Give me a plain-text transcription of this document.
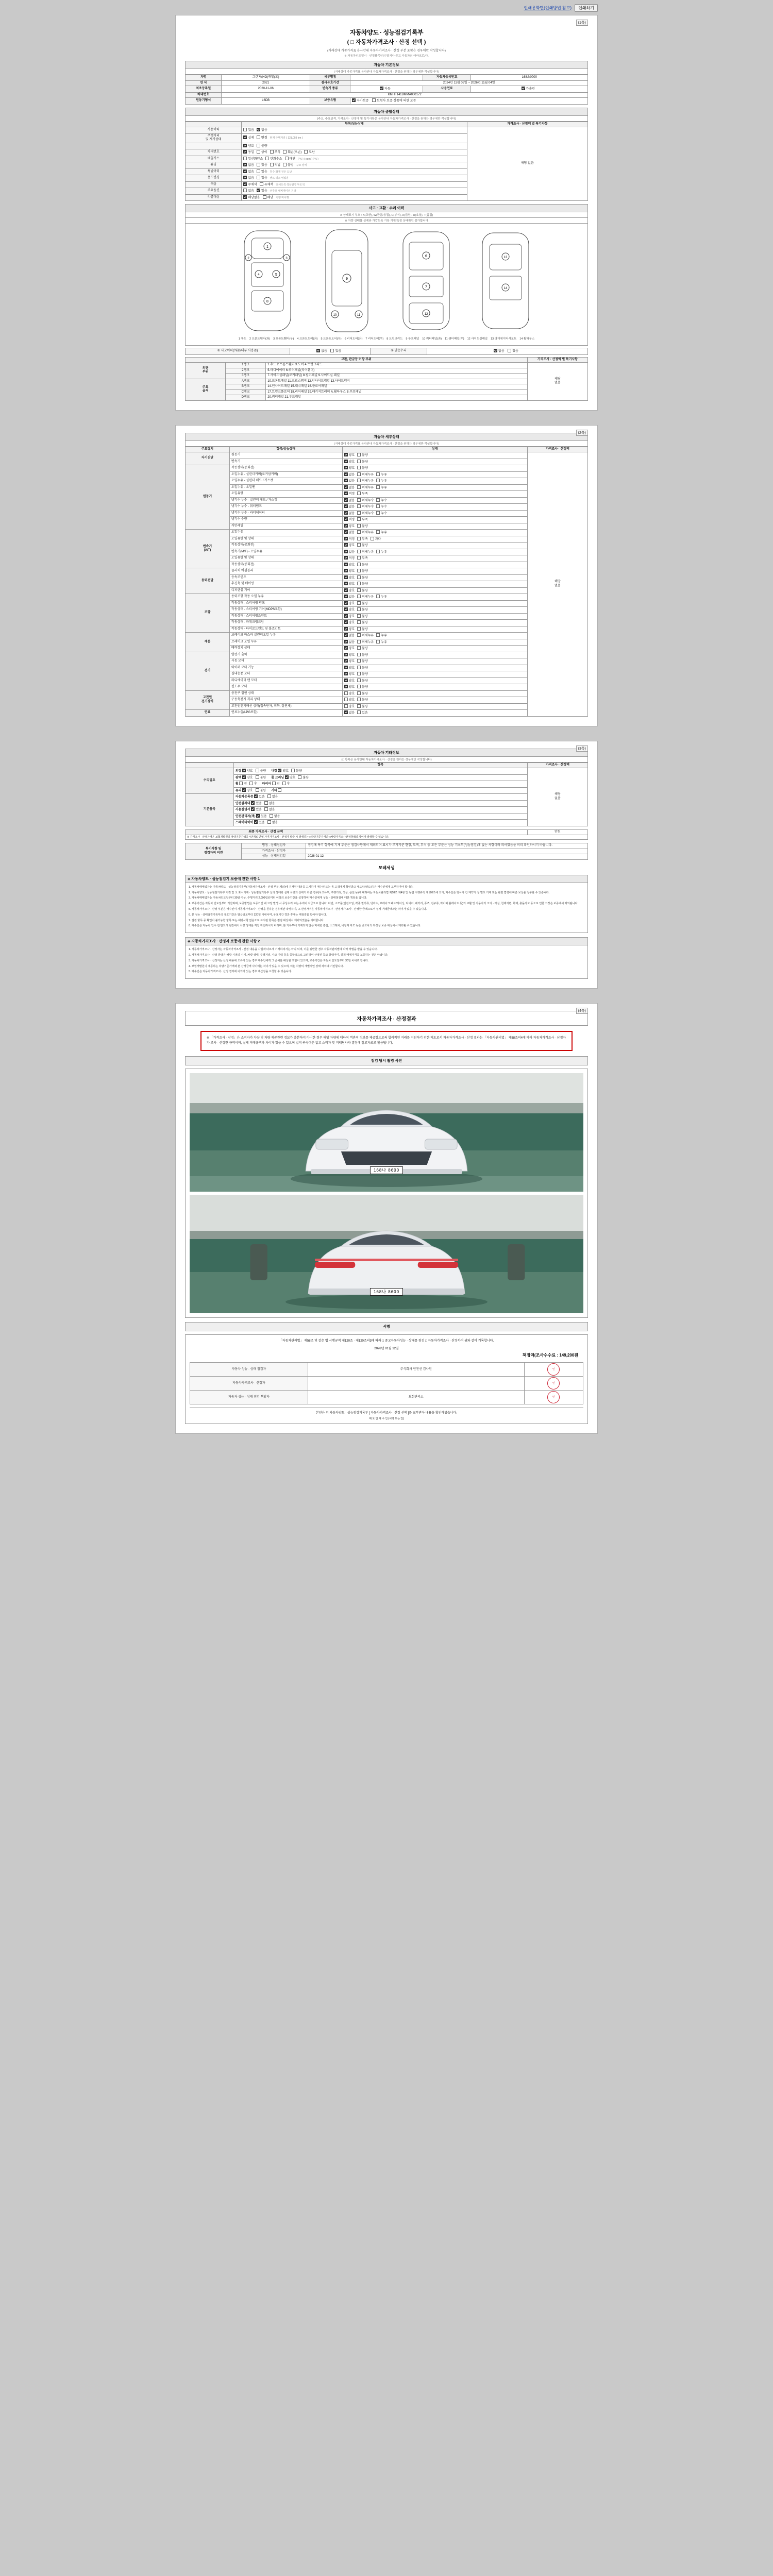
인쇄용화면(인쇄방법 참고)	인쇄하기
(1쪽)
자동차양도 · 성능점검기록부
( □ 자동차가격조사 · 산정 선택 )
(거래상대 가종가격표 용사안내 자동차가격조사 · 산정 부분 포함은 경우에만 작성합니다)
※ 자동차인도일시 · 인정품목인의 별지나 중고 자동차의 아파크로/다.
자동차 기본정보
(거래상대 가종가격표 용사안내 자동차가격조사 · 산정을 원하는 경우에만 작성합니다)
차명	그랜저(HG)캐딜(모)	세부명칭		자동차등록번호	168초0000
연 식	2021	검사유효기간	2024년 11월 05일 ~ 2026년 11월 04일		
최초등록일	2020-11-06	변속기 종류	자동	사용연료	가솔린
차대번호	KMHF141BMMA000172				
원동기형식	L6DB	보증유형	자가보증 보험사 보증 상품에 의한 보증		
자동차 종합상태
(주요, 주요골격, 가격조사 · 산정에 및 특기사항은 용사안내 자동차가격조사 · 산정을 원하는 경우에만 작성합니다)
	항목/성능상태	가격조사 · 산정액 별 특기사항
사용이력	있음 없음	해당 없음
주행거리
및 계기상태	실제 변경 현재 주행거리 ( 121,059 km )	
	양호 불량	
차대번호	동일 상이 부식 훼손(오손) 도난	
배출가스	일산화탄소 탄화수소 매연 ( % ) ( ppm ) ( % )	
튜닝	없음 있음 적법 불법 구조 장치	
특별이력	없음 있음 침수 화재 전손 도난	
용도변경	없음 있음 렌트 리스 영업용	
색상	무채색 유채색 전체도색 색상변경 무도색	
주요옵션	없음 있음 선루프 내비게이션 기타	
리콜대상	해당없음 해당 이행 미이행	
사고 · 교환 · 수리 이력
※ 상태표시 부호 : X(교환), W(판금/용접), C(부식), A(긁힘), U(요철), T(흠집)
※ 차량 상태를 실제와 가깝도록 기록 기재/특정 상태확인 불가합니다
1
4	5
8
2	3
9
10	11
6
7
12
13
14
1 후드 2 프론트휀더(좌) 3 프론트휀더(우) 4 프론트도어(좌) 5 프론트도어(우) 6 리어도어(좌) 7 리어도어(우) 8 트렁크리드 9 루프패널 10 쿼터패널(좌) 11 쿼터패널(우) 12 사이드실패널 13 라디에이터서포트 14 휠하우스
① 사고이력(外部/내부 사용존)	없음	있음	② 단순수리	없음	있음
교환, 판금등 이상 부위			가격조사 · 산정액 별 특기사항
외판
부위	1랭크	1.후드 2.프론트휀더 3.도어 4.트렁크리드	해당
없음
	2랭크	5.라디에이터 6.쿼터패널(리어휀더)	
	3랭크	7.사이드실패널(로커패널) 8.필러패널 9.사이드실 패널	
주요
골격	A랭크	10.프론트패널 11.크로스멤버 12.인사이드패널 13.사이드멤버	
	B랭크	14.인사이드패널 15.대쉬패널 16.플로어패널	
	C랭크	17.트렁크플로어 18.리어패널 19.패키지트레이 A.휠하우스 B.루프패널	
	D랭크	20.쿼터패널 21.루프패널	
(2쪽)
자동차 세부상태
(거래상대 가종가격표 용사안내 자동차가격조사 · 산정을 원하는 경우에만 작성합니다)
주요장치	항목/성능상태	상태	가격조사 · 산정액
자기진단	원동기	양호 불량	해당
없음
	변속기	양호 불량	
원동기	작동상태(공회전)	양호 불량	
	오일누유 - 실린더커버(로커암커버)	없음 미세누유 누유	
	오일누유 - 실린더 헤드 / 가스켓	없음 미세누유 누유	
	오일누유 - 오일팬	없음 미세누유 누유	
	오일유량	적정 부족	
	냉각수 누수 - 실린더 헤드 / 가스켓	없음 미세누수 누수	
	냉각수 누수 - 워터펌프	없음 미세누수 누수	
	냉각수 누수 - 라디에이터	없음 미세누수 누수	
	냉각수 수량	적정 부족	
	커먼레일	양호 불량	
변속기
(A/T)	오일누유	없음 미세누유 누유	
	오일유량 및 상태	적정 부족 과다	
	작동상태(공회전)	양호 불량	
	변속기(M/T) - 오일누유	없음 미세누유 누유	
	오일유량 및 상태	적정 부족	
	작동상태(공회전)	양호 불량	
동력전달	클러치 어셈블리	양호 불량	
	등속조인트	양호 불량	
	추진축 및 베어링	양호 불량	
	디퍼렌셜 기어	양호 불량	
조향	동력조향 작동 오일 누유	없음 미세누유 누유	
	작동상태 - 스티어링 펌프	양호 불량	
	작동상태 - 스티어링 기어(MDPS포함)	양호 불량	
	작동상태 - 스티어링조인트	양호 불량	
	작동상태 - 파워크랭크암	양호 불량	
	작동상태 - 타이로드엔드 및 볼조인트	양호 불량	
제동	브레이크 마스터 실린더오일 누유	없음 미세누유 누유	
	브레이크 오일 누유	없음 미세누유 누유	
	배력장치 상태	양호 불량	
전기	발전기 출력	양호 불량	
	시동 모터	양호 불량	
	와이퍼 모터 기능	양호 불량	
	실내송풍 모터	양호 불량	
	라디에이터 팬 모터	양호 불량	
	윈도우 모터	양호 불량	
고전원
전기장치	충전구 절연 상태	양호 불량	
	구동축전지 격리 상태	양호 불량	
	고전원전기배선 상태(접속단자, 피복, 절연체)	양호 불량	
연료	연료누출(LPG포함)	없음 있음	
(3쪽)
자동차 기타정보
(□ 항목은 용사안내 자동차가격조사 · 산정을 원하는 경우에만 작성합니다)
	항목	가격조사 · 산정액
수리필요	외장 양호 불량 내장 양호 불량	해당
없음
	광택 양호 불량 룸 크리닝 양호 불량	
	휠 전 후 타이어 전 후	
	유리 양호 불량 기타	
기본품목	자동차등록증 있음 없음	
	안전삼각대 있음 없음	
	사용설명서 있음 없음	
	안전관리자(잭) 있음 없음	
	스페어타이어 있음 없음	
최종 가격조사 · 산정 금액		만원
※ 가격조사 · 산정가격은 보험개발원의 차량기준가액을 4단계로 반영 가격가격조사 · 산정가 발급 시 발생하는 □차량기준가격과 □차량가격조사산정금액의 차이가 발생할 수 있습니다.
특기사항 및
점검자의 의견	명칭 · 상태점검자	점검에 특기 항목에 기재 부분은 점검사항에서 제외되며 표시가 추가기준 현장, 도색, 부식 등 모든 부분은 성능 기록부(성능점검)에 없는 사항이라 되어있음을 미리 확인하시기 바랍니다.
	가격조사 · 산정자	
	성능 · 상태점검일	2026-01-12
모레세생
◈ 자동차양도 · 성능점검기 보증에 관한 사항 1

1. 자동차매매업자는 자동차양도 · 성능점검기록부(자동차가격조사 · 산정 부분 제외)에 기재된 내용을 고지하여 매수인 또는 동 고객에게 확인받고 매도인(양도인)은 매수인에게 교부하여야 합니다.

2. 자동차양도 · 성능점검기록부 거짓 및 오 표시기재 · 성능점검기록부 상의 상태와 실제 차량의 상태가 다른 경우(사고유무, 주행거리, 색상, 옵션 등)에 대하여는 자동차관리법 제58조 제4항 및 동법 시행규칙 제120조에 의거, 매수인은 당사자 간 계약서 상 별도 기재 또는 관련 법령에 따른 보상을 청구할 수 있습니다.

3. 자동차매매업자는 자동차인도일부터 30일 이상, 주행거리 2,000킬로미터 이상의 보증기간을 설정하여 매수인에게 성능 · 상태점검에 대한 책임을 집니다.

4. 보증기간은 자동차 인도일부터 기산하며, 보증방법은 보증기간 내 고장 발생 시 무상수리 또는 수리비 지급으로 합니다. 다만, 소모품(엔진오일, 각종 필터류, 냉각수, 브레이크 패드/라이닝, 타이어, 배터리, 퓨즈, 전구류, 와이퍼 블레이드 등)의 교환 및 사용자의 고의 · 과실, 천재지변, 화재, 충돌사고 등으로 인한 고장은 보증에서 제외됩니다.

5. 자동차가격조사 · 산정 부분은 매수인이 자동차가격조사 · 산정을 원하는 경우에만 작성하며, 그 산정가격은 자동차가격조사 · 산정자가 조사 · 산정한 금액으로서 실제 거래금액과는 차이가 있을 수 있습니다.

6. 본 성능 · 상태점검기록부의 유효기간은 발급일로부터 120일 이내이며, 유효기간 경과 후에는 재점검을 받아야 합니다.

7. 점검 항목 중 확인이 불가능한 항목 또는 해당사항 없음으로 표시된 항목은 점검 대상에서 제외되었음을 의미합니다.

8. 매수인은 자동차 인수 전 반드시 현장에서 차량 상태를 직접 확인하시기 바라며, 본 기록부에 기재되지 않은 미세한 흠집, 스크래치, 내장재 마모 등은 중고차의 특성상 보증 대상에서 제외될 수 있습니다.

◈ 자동차가격조사 · 산정자 보증에 관한 사항 2

1. 자동차가격조사 · 산정자는 자동차가격조사 · 산정 내용을 사실과 다르게 기재하여서는 아니 되며, 이를 위반한 경우 자동차관리법에 따라 처벌을 받을 수 있습니다.

2. 자동차가격조사 · 산정 금액은 해당 시점의 시세, 차량 상태, 주행거리, 사고 이력 등을 종합적으로 고려하여 산정된 참고 금액이며, 실제 매매가격을 보증하는 것은 아닙니다.

3. 자동차가격조사 · 산정자는 산정 내용에 오류가 있는 경우 매수인에게 그 손해를 배상할 책임이 있으며, 보증기간은 자동차 인도일부터 30일 이내로 합니다.

4. 보험개발원이 제공하는 차량기준가액과 본 산정금액 사이에는 차이가 있을 수 있으며, 이는 차량의 개별적인 상태 차이에 기인합니다.

5. 매수인은 자동차가격조사 · 산정 결과에 이의가 있는 경우 재산정을 요청할 수 있습니다.

(4쪽)
자동차가격조사 · 산정결과
※ 「가격조사 · 산정」은 소비자가 차량 및 차량 제공관련 정보가 충분하지 아니한 경우 해당 차량에 대하여 객관적 정보를 제공함으로써 합리적인 거래를 지원하기 위한 제도로서 자동차가격조사 · 산정 결과는 「자동차관리법」 제58조의4에 따라 자동차가격조사 · 산정자가 조사 · 산정한 금액이며, 실제 거래금액과 차이가 있을 수 있으며 법적 구속력은 없고 소비자 및 거래당사자 결정에 참고자료로 활용됩니다.
점검 당시 촬영 사진
168나 8600
168나 8600
서명
「자동차관리법」 제58조 및 같은 법 시행규칙 제120조 · 제120조의3에 따라 □ 중고자동차성능 · 상태를 점검 □ 자동차가격조사 · 산정하여 위와 같이 기록합니다.
2026년 01월 12일
책정액(조사수수료 : 149,200원
자동차 성능 · 상태 점검자	주식회사 인천선 검사원	인
자동차가격조사 · 산정자		인
자동차 성능 · 상태 점검 책임자	보험관리소	인
본인은 위 자동차양도 · 성능점검기록부 [ 자동차가격조사 · 산정 선택 ]를 교부받아 내용을 확인하였습니다.
매 도 인 매 수 인 (서명 또는 인)
